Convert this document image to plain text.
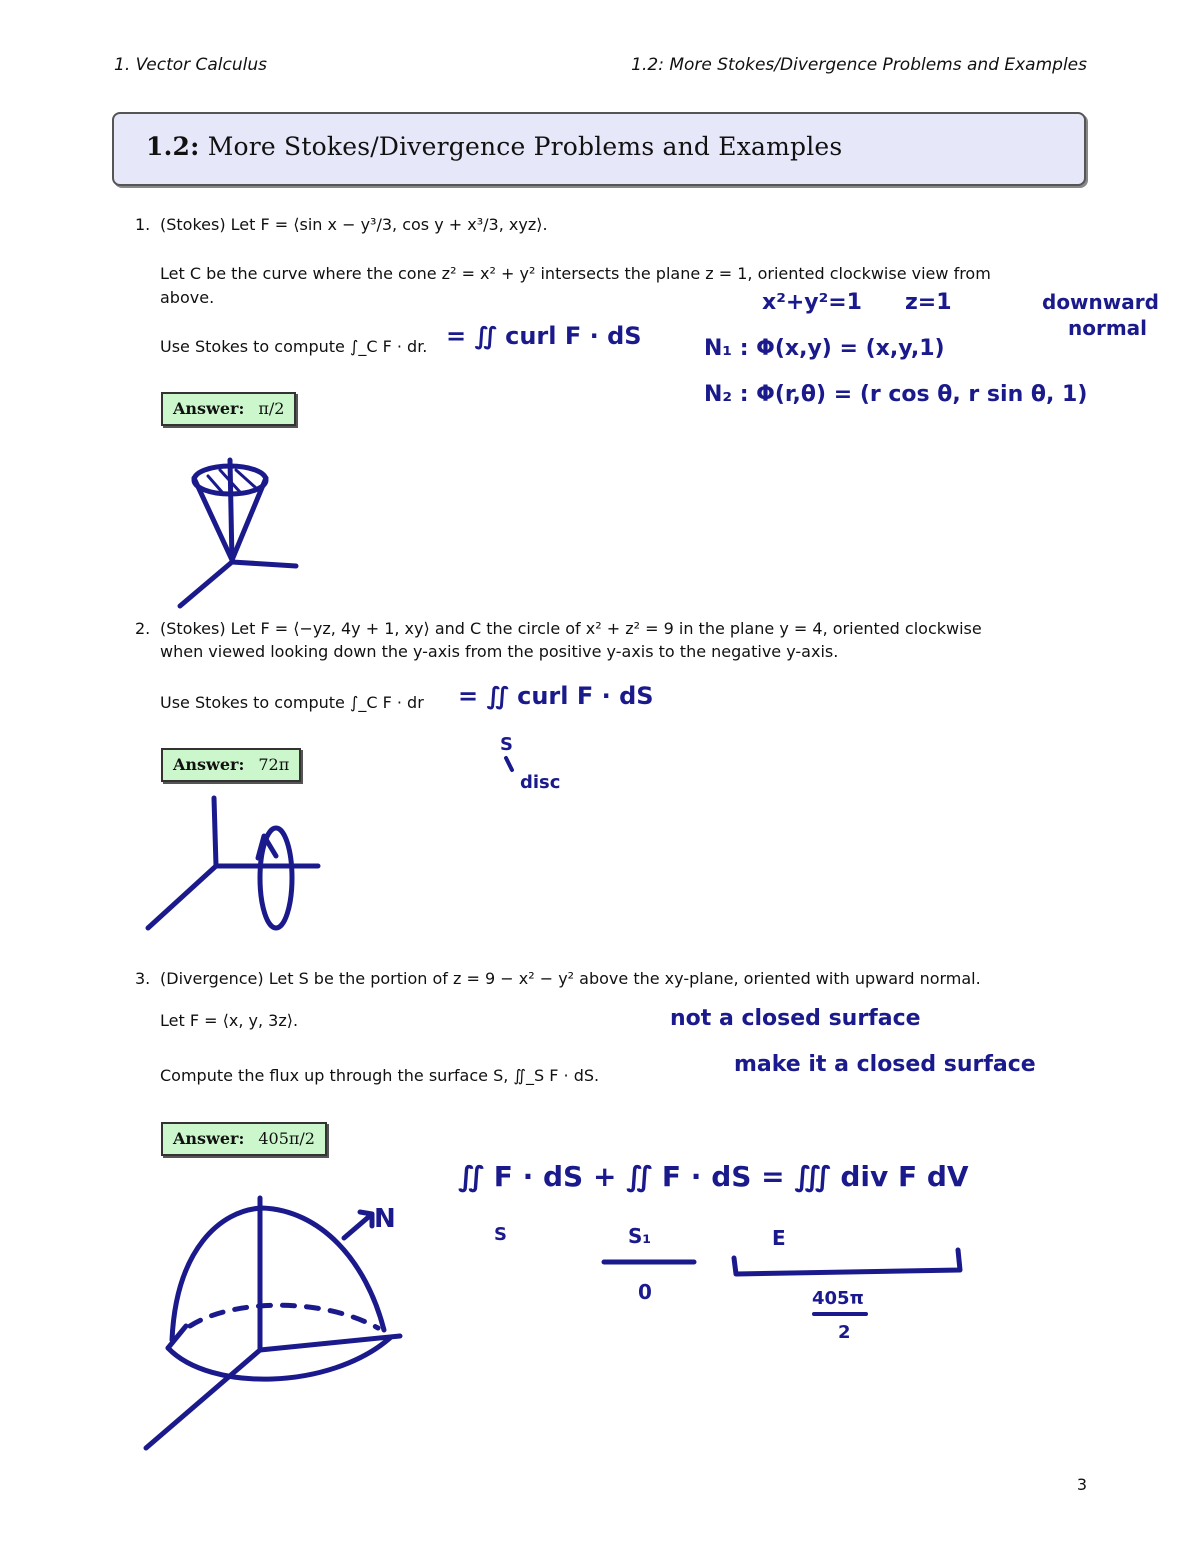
1. Vector Calculus	1.2: More Stokes/Divergence Problems and Examples
1.2: More Stokes/Divergence Problems and Examples
1. (Stokes) Let F = ⟨sin x − y³/3, cos y + x³/3, xyz⟩.
Let C be the curve where the cone z² = x² + y² intersects the plane z = 1, oriented clockwise view from
above.
Use Stokes to compute ∫_C F · dr.
Answer: π/2
2. (Stokes) Let F = ⟨−yz, 4y + 1, xy⟩ and C the circle of x² + z² = 9 in the plane y = 4, oriented clockwise
when viewed looking down the y-axis from the positive y-axis to the negative y-axis.
Use Stokes to compute ∫_C F · dr
Answer: 72π
3. (Divergence) Let S be the portion of z = 9 − x² − y² above the xy-plane, oriented with upward normal.
Let F = ⟨x, y, 3z⟩.
Compute the flux up through the surface S, ∬_S F · dS.
Answer: 405π/2
3
= ∬ curl F · dS
x²+y²=1 z=1	downward
normal
N₁ : Φ(x,y) = (x,y,1)
N₂ : Φ(r,θ) = (r cos θ, r sin θ, 1)
= ∬ curl F · dS
S
disc
not a closed surface
make it a closed surface
∬ F · dS + ∬ F · dS = ∭ div F dV
S	S₁	E
0	405π
2
N
